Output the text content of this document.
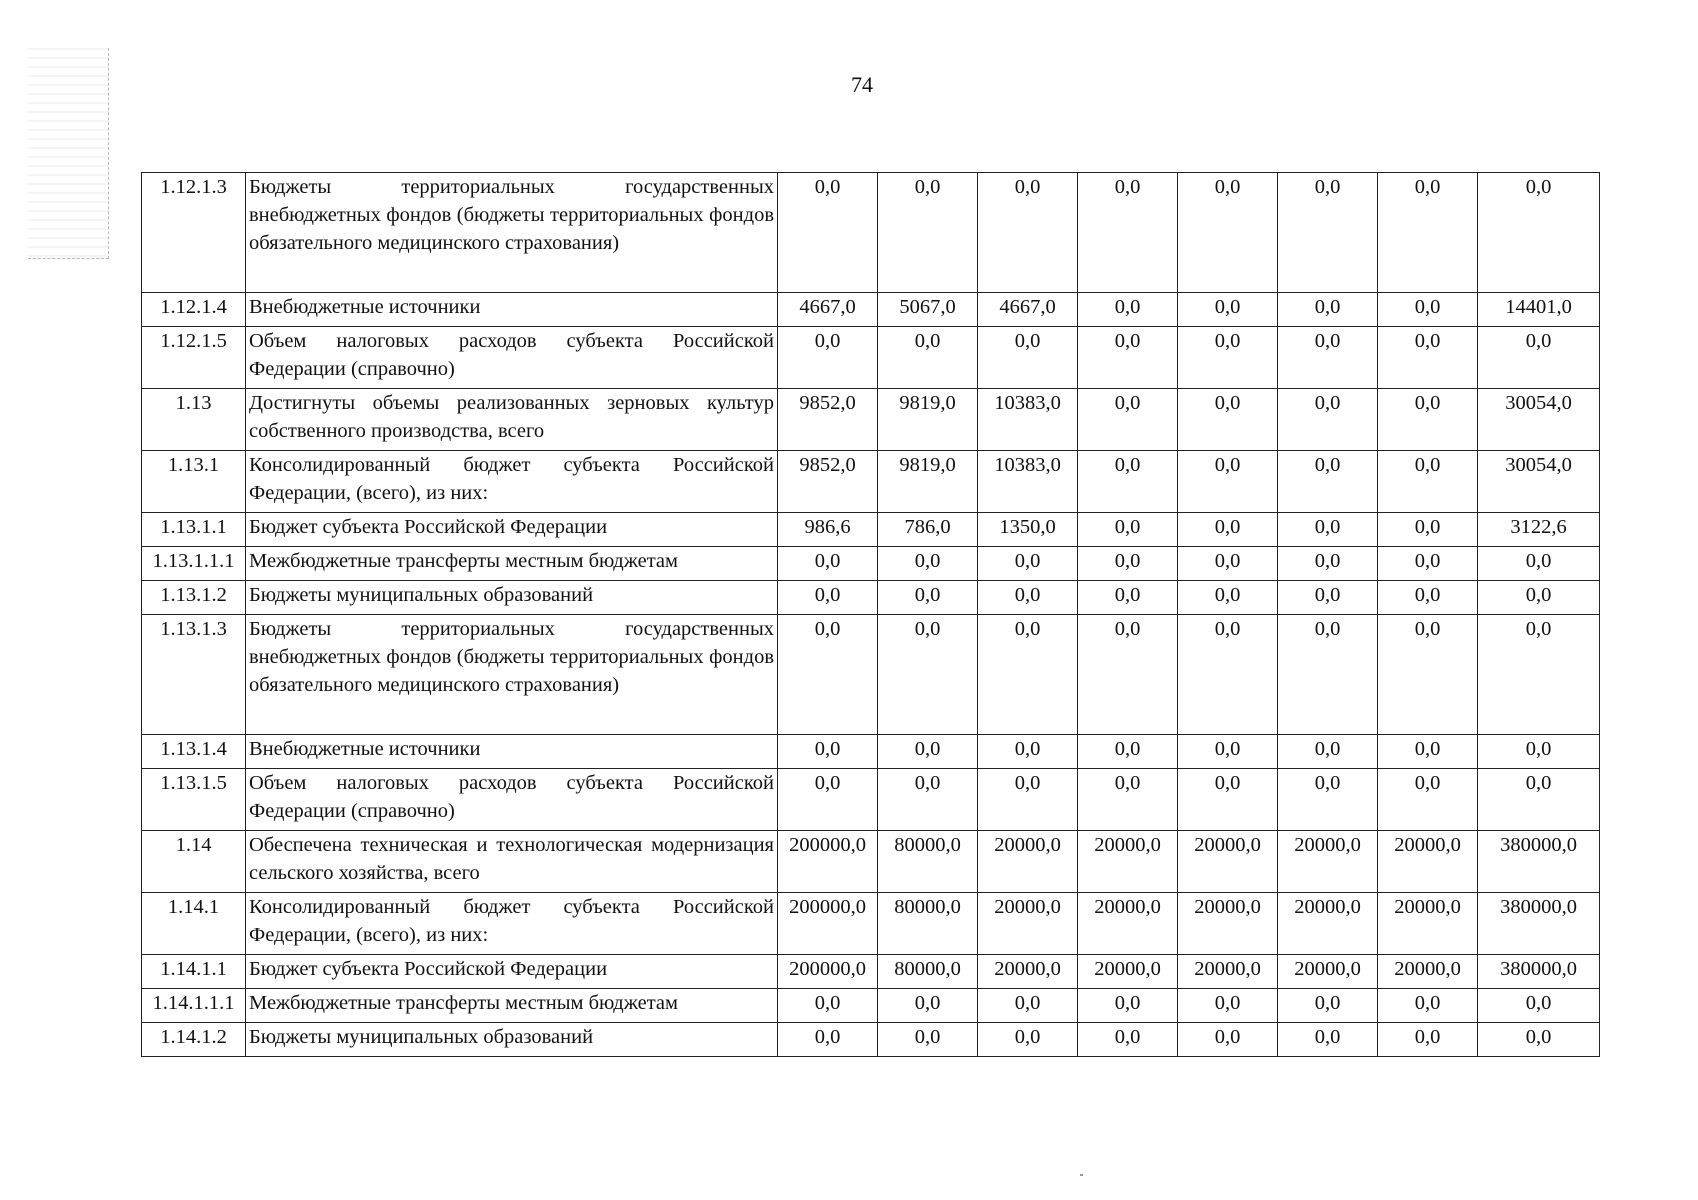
74
1.12.1.3	Бюджеты территориальных государственных внебюджетных фондов (бюджеты территориальных фондов обязательного медицинского страхования)	0,0	0,0	0,0	0,0	0,0	0,0	0,0	0,0
1.12.1.4	Внебюджетные источники	4667,0	5067,0	4667,0	0,0	0,0	0,0	0,0	14401,0
1.12.1.5	Объем налоговых расходов субъекта Российской Федерации (справочно)	0,0	0,0	0,0	0,0	0,0	0,0	0,0	0,0
1.13	Достигнуты объемы реализованных зерновых культур собственного производства, всего	9852,0	9819,0	10383,0	0,0	0,0	0,0	0,0	30054,0
1.13.1	Консолидированный бюджет субъекта Российской Федерации, (всего), из них:	9852,0	9819,0	10383,0	0,0	0,0	0,0	0,0	30054,0
1.13.1.1	Бюджет субъекта Российской Федерации	986,6	786,0	1350,0	0,0	0,0	0,0	0,0	3122,6
1.13.1.1.1	Межбюджетные трансферты местным бюджетам	0,0	0,0	0,0	0,0	0,0	0,0	0,0	0,0
1.13.1.2	Бюджеты муниципальных образований	0,0	0,0	0,0	0,0	0,0	0,0	0,0	0,0
1.13.1.3	Бюджеты территориальных государственных внебюджетных фондов (бюджеты территориальных фондов обязательного медицинского страхования)	0,0	0,0	0,0	0,0	0,0	0,0	0,0	0,0
1.13.1.4	Внебюджетные источники	0,0	0,0	0,0	0,0	0,0	0,0	0,0	0,0
1.13.1.5	Объем налоговых расходов субъекта Российской Федерации (справочно)	0,0	0,0	0,0	0,0	0,0	0,0	0,0	0,0
1.14	Обеспечена техническая и технологическая модернизация сельского хозяйства, всего	200000,0	80000,0	20000,0	20000,0	20000,0	20000,0	20000,0	380000,0
1.14.1	Консолидированный бюджет субъекта Российской Федерации, (всего), из них:	200000,0	80000,0	20000,0	20000,0	20000,0	20000,0	20000,0	380000,0
1.14.1.1	Бюджет субъекта Российской Федерации	200000,0	80000,0	20000,0	20000,0	20000,0	20000,0	20000,0	380000,0
1.14.1.1.1	Межбюджетные трансферты местным бюджетам	0,0	0,0	0,0	0,0	0,0	0,0	0,0	0,0
1.14.1.2	Бюджеты муниципальных образований	0,0	0,0	0,0	0,0	0,0	0,0	0,0	0,0
